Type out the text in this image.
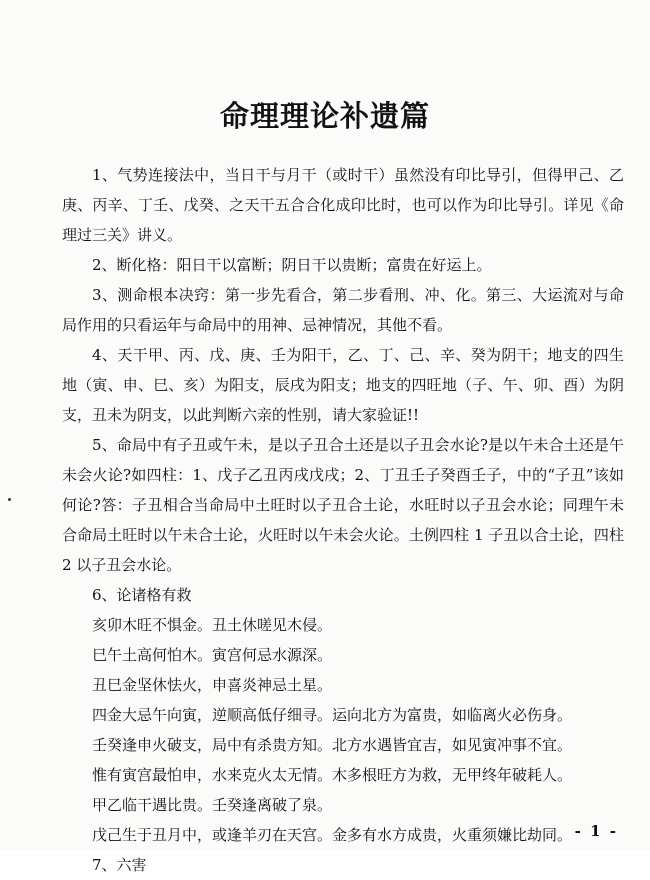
命理理论补遗篇

1、气势连接法中，当日干与月干（或时干）虽然没有印比导引，但得甲己、乙庚、丙辛、丁壬、戊癸、之天干五合合化成印比时，也可以作为印比导引。详见《命理过三关》讲义。

2、断化格：阳日干以富断；阴日干以贵断；富贵在好运上。

3、测命根本决窍：第一步先看合，第二步看刑、冲、化。第三、大运流对与命局作用的只看运年与命局中的用神、忌神情况，其他不看。

4、天干甲、丙、戊、庚、壬为阳干，乙、丁、己、辛、癸为阴干；地支的四生地（寅、申、巳、亥）为阳支，辰戌为阳支；地支的四旺地（子、午、卯、酉）为阴支，丑未为阴支，以此判断六亲的性别，请大家验证!!

5、命局中有子丑或午未，是以子丑合土还是以子丑会水论?是以午未合土还是午未会火论?如四柱：1、戊子乙丑丙戌戊戌；2、丁丑壬子癸酉壬子，中的“子丑”该如何论?答：子丑相合当命局中土旺时以子丑合土论，水旺时以子丑会水论；同理午未合命局土旺时以午未合土论，火旺时以午未会火论。土例四柱 1 子丑以合土论，四柱 2 以子丑会水论。

6、论诸格有救

亥卯木旺不惧金。丑土休嗟见木侵。

巳午土高何怕木。寅宫何忌水源深。

丑巳金坚休怯火，申喜炎神忌土星。

四金大忌午向寅，逆顺高低仔细寻。运向北方为富贵，如临离火必伤身。

壬癸逢申火破支，局中有杀贵方知。北方水遇皆宜吉，如见寅冲事不宜。

惟有寅宫最怕申，水来克火太无情。木多根旺方为救，无甲终年破耗人。

甲乙临干遇比贵。壬癸逢离破了泉。

戊己生于丑月中，或逢羊刃在天宫。金多有水方成贵，火重须嫌比劫同。

7、六害

- 1 -
